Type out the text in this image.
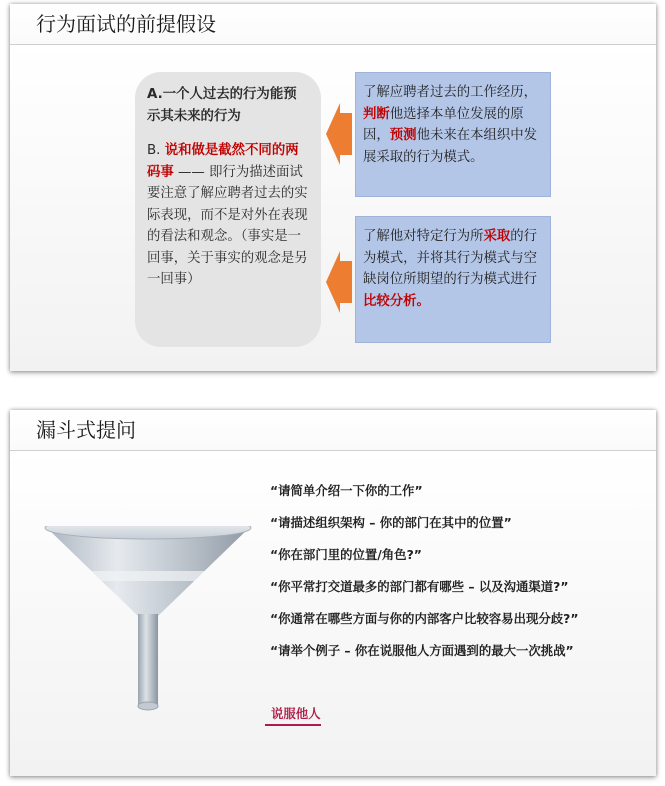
行为面试的前提假设
A.一个人过去的行为能预示其未来的行为
B. 说和做是截然不同的两码事 —— 即行为描述面试要注意了解应聘者过去的实际表现，而不是对外在表现的看法和观念。（事实是一回事，关于事实的观念是另一回事）
了解应聘者过去的工作经历，判断他选择本单位发展的原因，预测他未来在本组织中发展采取的行为模式。
了解他对特定行为所采取的行为模式，并将其行为模式与空缺岗位所期望的行为模式进行比较分析。
漏斗式提问
“请简单介绍一下你的工作”
“请描述组织架构 – 你的部门在其中的位置”
“你在部门里的位置/角色?”
“你平常打交道最多的部门都有哪些 – 以及沟通渠道?”
“你通常在哪些方面与你的内部客户比较容易出现分歧?”
“请举个例子 – 你在说服他人方面遇到的最大一次挑战”
说服他人
